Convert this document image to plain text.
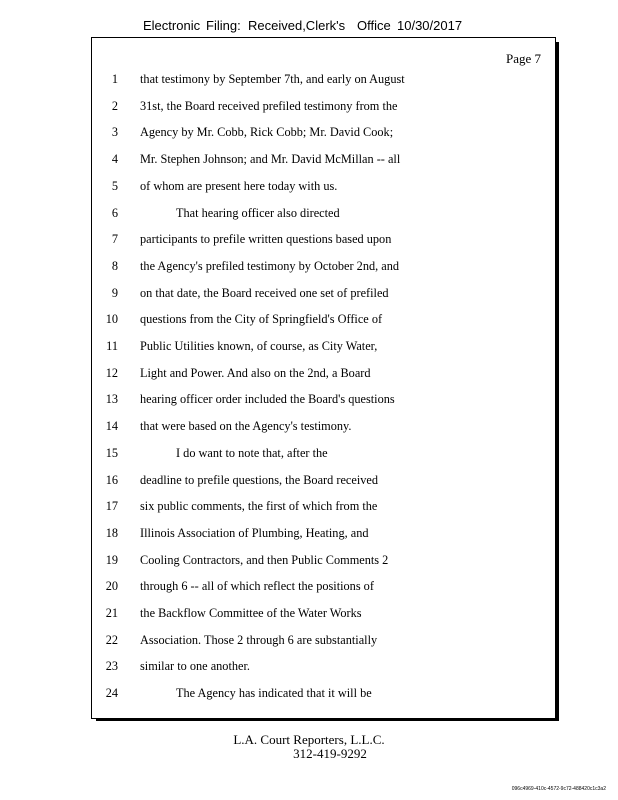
Electronic Filing: Received,Clerk's Office 10/30/2017
Page 7
1 that testimony by September 7th, and early on August
2 31st, the Board received prefiled testimony from the
3 Agency by Mr. Cobb, Rick Cobb; Mr. David Cook;
4 Mr. Stephen Johnson; and Mr. David McMillan -- all
5 of whom are present here today with us.
6	That hearing officer also directed
7 participants to prefile written questions based upon
8 the Agency's prefiled testimony by October 2nd, and
9 on that date, the Board received one set of prefiled
10 questions from the City of Springfield's Office of
11 Public Utilities known, of course, as City Water,
12 Light and Power. And also on the 2nd, a Board
13 hearing officer order included the Board's questions
14 that were based on the Agency's testimony.
15	I do want to note that, after the
16 deadline to prefile questions, the Board received
17 six public comments, the first of which from the
18 Illinois Association of Plumbing, Heating, and
19 Cooling Contractors, and then Public Comments 2
20 through 6 -- all of which reflect the positions of
21 the Backflow Committee of the Water Works
22 Association. Those 2 through 6 are substantially
23 similar to one another.
24	The Agency has indicated that it will be
L.A. Court Reporters, L.L.C.
312-419-9292
096c4969-410c-4572-9c72-488420c1c3a2
